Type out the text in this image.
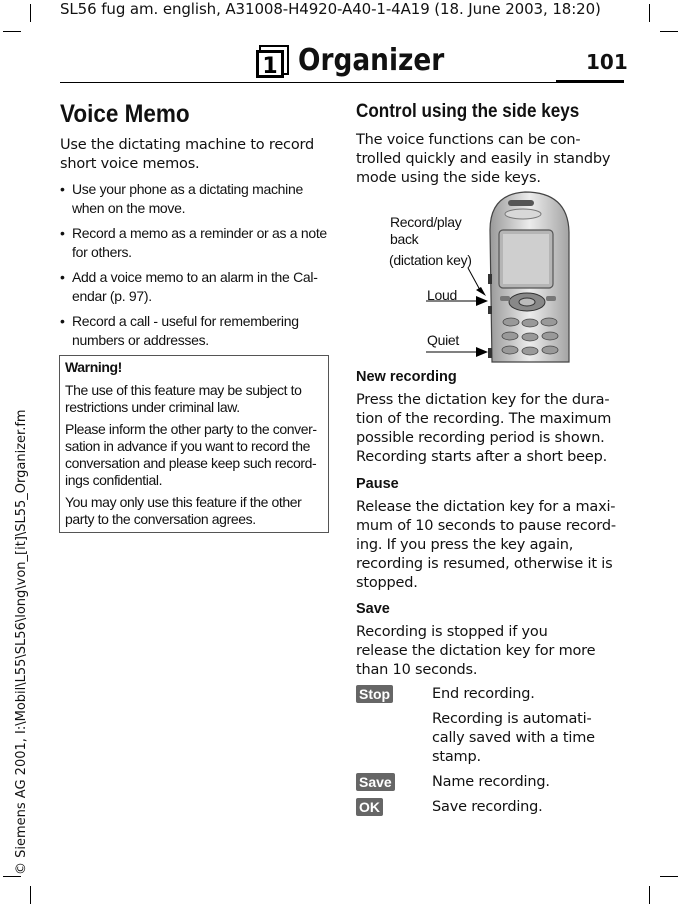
SL56 fug am. english, A31008-H4920-A40-1-4A19 (18. June 2003, 18:20)
© Siemens AG 2001, I:\Mobil\L55\SL56\long\von_[it]\SL55_Organizer.fm
1 Organizer	101
Voice Memo
Use the dictating machine to record short voice memos.
• Use your phone as a dictating machine when on the move.
• Record a memo as a reminder or as a note for others.
• Add a voice memo to an alarm in the Cal-endar (p. 97).
• Record a call - useful for remembering numbers or addresses.
Warning!
The use of this feature may be subject to restrictions under criminal law.
Please inform the other party to the conver-sation in advance if you want to record the conversation and please keep such record-ings confidential.
You may only use this feature if the other party to the conversation agrees.
Control using the side keys
The voice functions can be con-trolled quickly and easily in standby mode using the side keys.
Record/play back
(dictation key)
Loud
Quiet
New recording
Press the dictation key for the dura-tion of the recording. The maximum possible recording period is shown. Recording starts after a short beep.
Pause
Release the dictation key for a maxi-mum of 10 seconds to pause record-ing. If you press the key again, recording is resumed, otherwise it is stopped.
Save
Recording is stopped if you release the dictation key for more than 10 seconds.
Stop	End recording.
Recording is automati-cally saved with a time stamp.
Save	Name recording.
OK	Save recording.
